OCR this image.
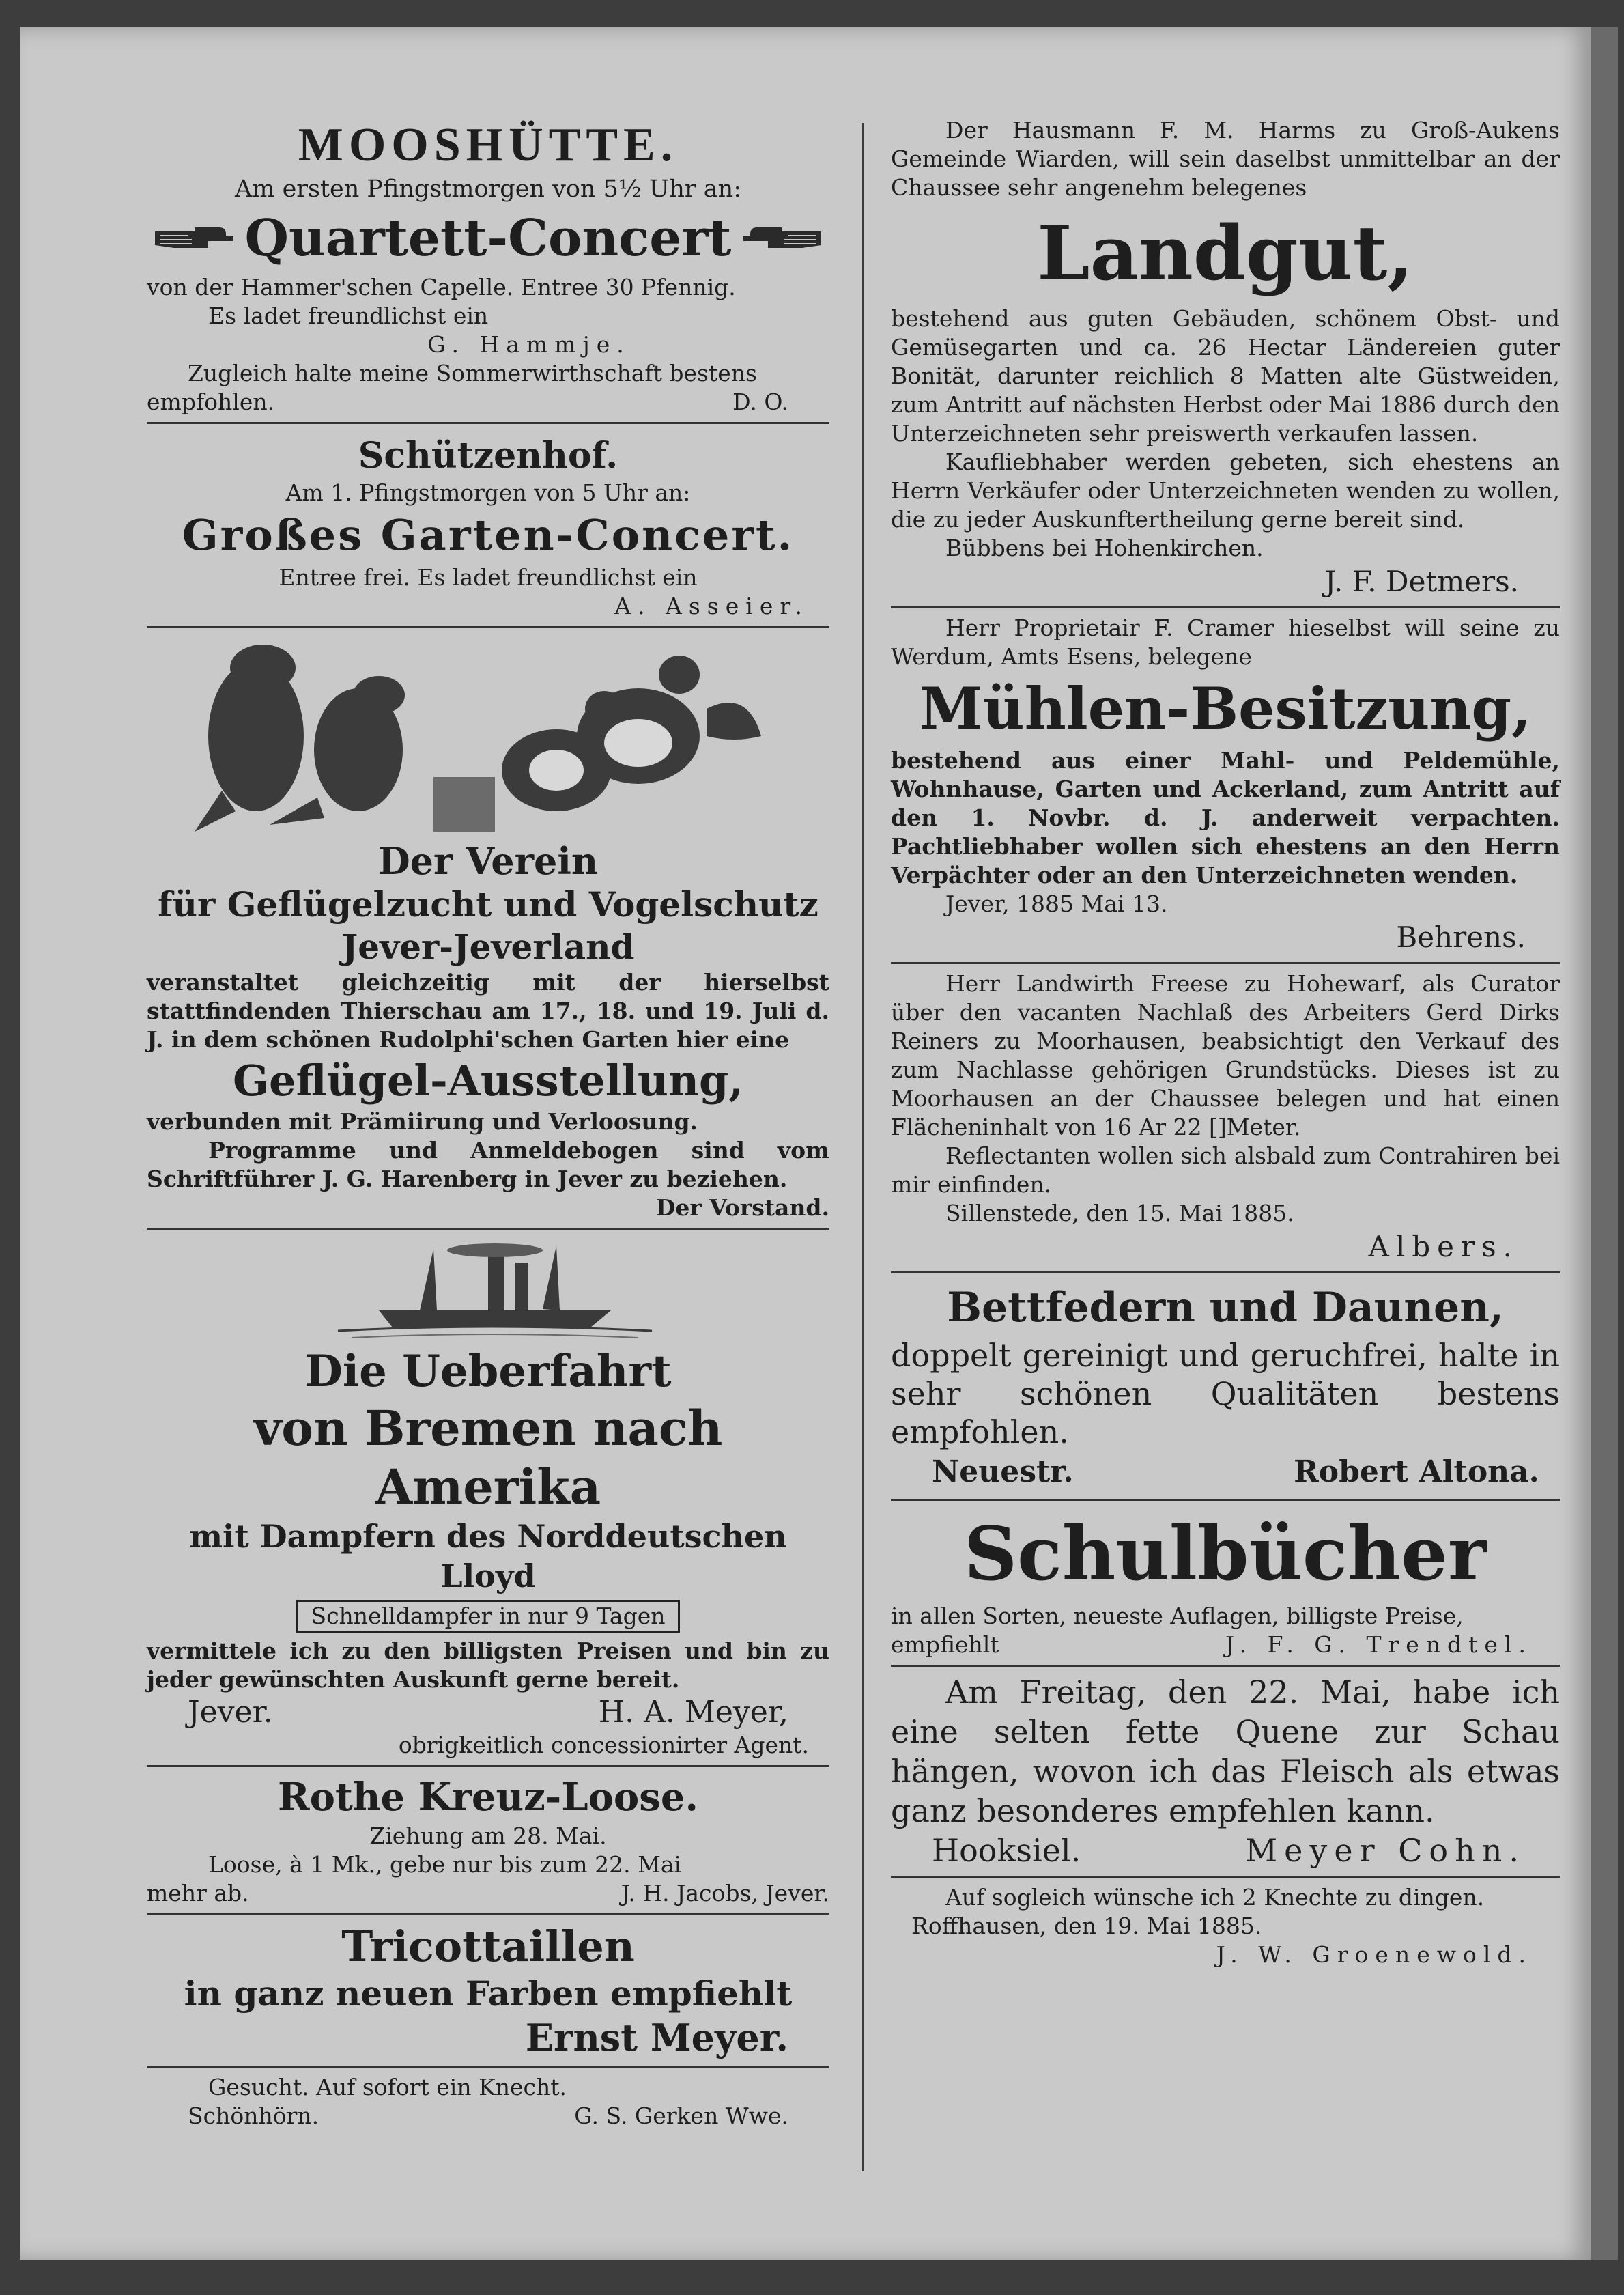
MOOSHÜTTE.
Am ersten Pfingstmorgen von 5½ Uhr an:
Quartett-Concert
von der Hammer'schen Capelle. Entree 30 Pfennig.
Es ladet freundlichst ein
G. Hammje.
Zugleich halte meine Sommerwirthschaft bestens
empfohlen.	D. O.
Schützenhof.
Am 1. Pfingstmorgen von 5 Uhr an:
Großes Garten-Concert.
Entree frei. Es ladet freundlichst ein
A. Asseier.
Der Verein
für Geflügelzucht und Vogelschutz
Jever-Jeverland
veranstaltet gleichzeitig mit der hierselbst stattfindenden Thierschau am 17., 18. und 19. Juli d. J. in dem schönen Rudolphi'schen Garten hier eine
Geflügel-Ausstellung,
verbunden mit Prämiirung und Verloosung.
Programme und Anmeldebogen sind vom Schriftführer J. G. Harenberg in Jever zu beziehen.
Der Vorstand.
Die Ueberfahrt
von Bremen nach Amerika
mit Dampfern des Norddeutschen Lloyd
Schnelldampfer in nur 9 Tagen
vermittele ich zu den billigsten Preisen und bin zu jeder gewünschten Auskunft gerne bereit.
Jever.	H. A. Meyer,
obrigkeitlich concessionirter Agent.
Rothe Kreuz-Loose.
Ziehung am 28. Mai.
Loose, à 1 Mk., gebe nur bis zum 22. Mai
mehr ab.	J. H. Jacobs, Jever.
Tricottaillen
in ganz neuen Farben empfiehlt
Ernst Meyer.
Gesucht. Auf sofort ein Knecht.
Schönhörn.	G. S. Gerken Wwe.
Der Hausmann F. M. Harms zu Groß-Aukens Gemeinde Wiarden, will sein daselbst unmittelbar an der Chaussee sehr angenehm belegenes
Landgut,
bestehend aus guten Gebäuden, schönem Obst- und Gemüsegarten und ca. 26 Hectar Ländereien guter Bonität, darunter reichlich 8 Matten alte Güstweiden, zum Antritt auf nächsten Herbst oder Mai 1886 durch den Unterzeichneten sehr preiswerth verkaufen lassen.
Kaufliebhaber werden gebeten, sich ehestens an Herrn Verkäufer oder Unterzeichneten wenden zu wollen, die zu jeder Auskunftertheilung gerne bereit sind.
Bübbens bei Hohenkirchen.
J. F. Detmers.
Herr Proprietair F. Cramer hieselbst will seine zu Werdum, Amts Esens, belegene
Mühlen-Besitzung,
bestehend aus einer Mahl- und Peldemühle, Wohnhause, Garten und Ackerland, zum Antritt auf den 1. Novbr. d. J. anderweit verpachten. Pachtliebhaber wollen sich ehestens an den Herrn Verpächter oder an den Unterzeichneten wenden.
Jever, 1885 Mai 13.
Behrens.
Herr Landwirth Freese zu Hohewarf, als Curator über den vacanten Nachlaß des Arbeiters Gerd Dirks Reiners zu Moorhausen, beabsichtigt den Verkauf des zum Nachlasse gehörigen Grundstücks. Dieses ist zu Moorhausen an der Chaussee belegen und hat einen Flächeninhalt von 16 Ar 22 []Meter.
Reflectanten wollen sich alsbald zum Contrahiren bei mir einfinden.
Sillenstede, den 15. Mai 1885.
Albers.
Bettfedern und Daunen,
doppelt gereinigt und geruchfrei, halte in sehr schönen Qualitäten bestens empfohlen.
Neuestr.	Robert Altona.
Schulbücher
in allen Sorten, neueste Auflagen, billigste Preise,
empfiehlt	J. F. G. Trendtel.
Am Freitag, den 22. Mai, habe ich eine selten fette Quene zur Schau hängen, wovon ich das Fleisch als etwas ganz besonderes empfehlen kann.
Hooksiel.	Meyer Cohn.
Auf sogleich wünsche ich 2 Knechte zu dingen.
Roffhausen, den 19. Mai 1885.
J. W. Groenewold.
